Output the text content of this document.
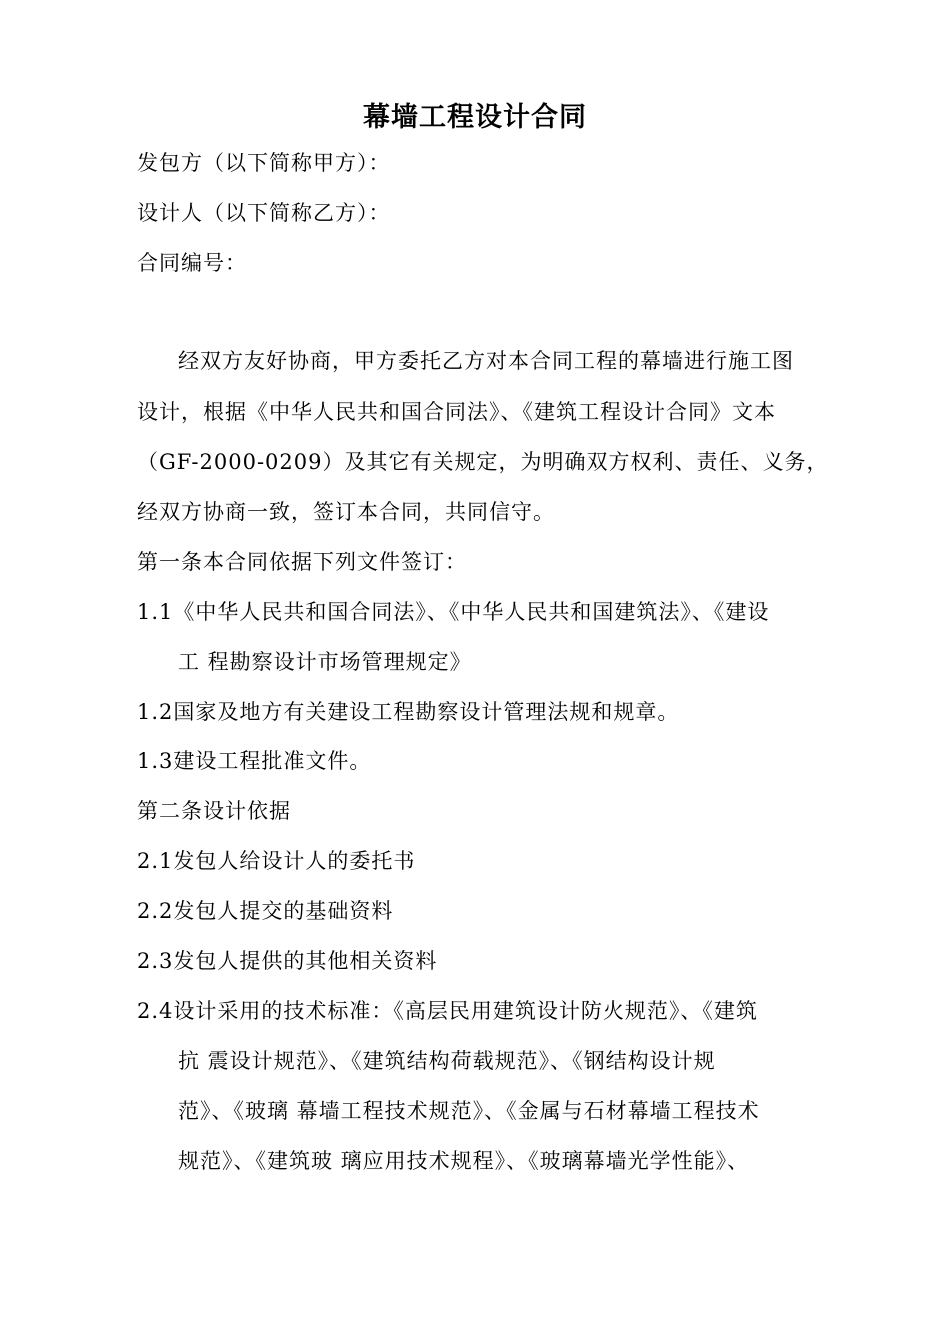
幕墙工程设计合同
发包方（以下简称甲方）：
设计人（以下简称乙方）：
合同编号：
经双方友好协商，甲方委托乙方对本合同工程的幕墙进行施工图
设计，根据《中华人民共和国合同法》、《建筑工程设计合同》文本
（GF-2000-0209）及其它有关规定，为明确双方权利、责任、义务，
经双方协商一致，签订本合同，共同信守。
第一条本合同依据下列文件签订：
1.1《中华人民共和国合同法》、《中华人民共和国建筑法》、《建设
工 程勘察设计市场管理规定》
1.2国家及地方有关建设工程勘察设计管理法规和规章。
1.3建设工程批准文件。
第二条设计依据
2.1发包人给设计人的委托书
2.2发包人提交的基础资料
2.3发包人提供的其他相关资料
2.4设计采用的技术标准：《高层民用建筑设计防火规范》、《建筑
抗 震设计规范》、《建筑结构荷载规范》、《钢结构设计规
范》、《玻璃 幕墙工程技术规范》、《金属与石材幕墙工程技术
规范》、《建筑玻 璃应用技术规程》、《玻璃幕墙光学性能》、
